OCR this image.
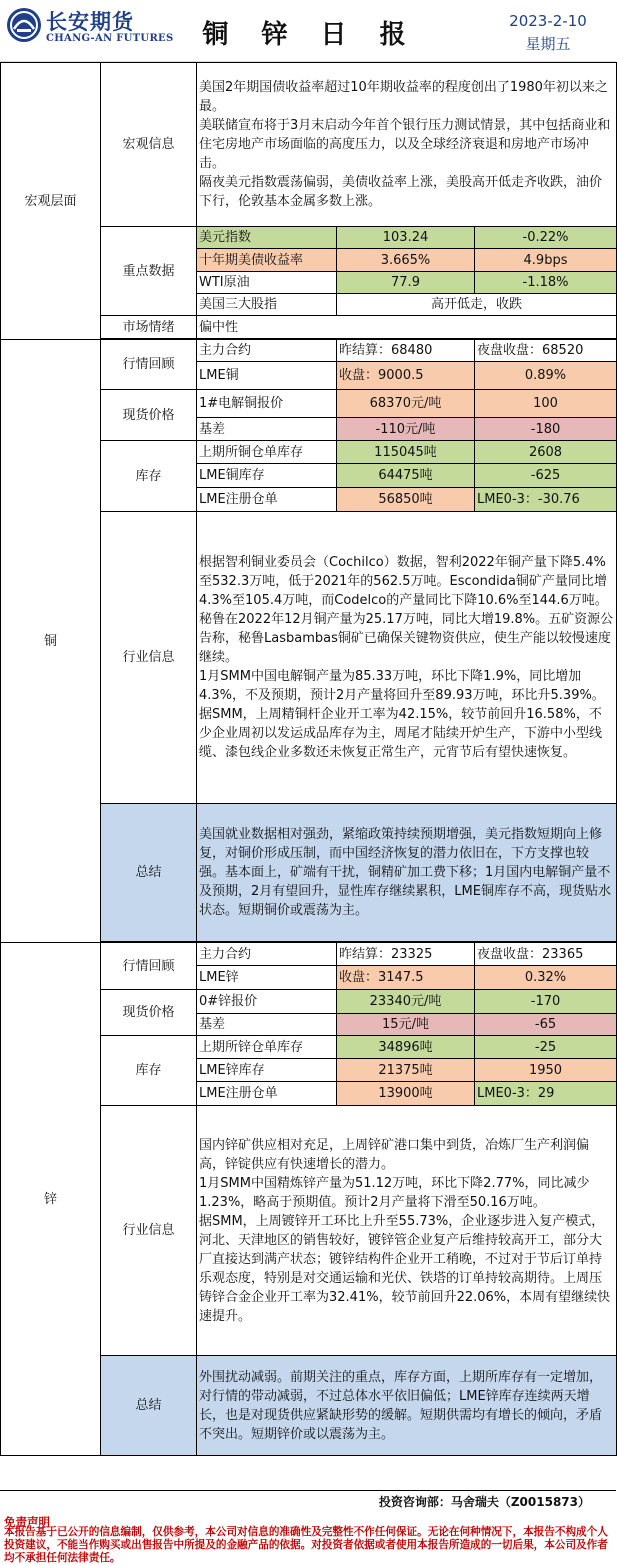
长安期货
CHANG-AN FUTURES	铜 锌 日 报	2023-2-10
星期五
宏观层面	宏观信息	美国2年期国债收益率超过10年期收益率的程度创出了1980年初以来之最。
美联储宣布将于3月末启动今年首个银行压力测试情景，其中包括商业和住宅房地产市场面临的高度压力，以及全球经济衰退和房地产市场冲击。
隔夜美元指数震荡偏弱，美债收益率上涨，美股高开低走齐收跌，油价下行，伦敦基本金属多数上涨。		
	重点数据	美元指数	103.24	-0.22%
		十年期美债收益率	3.665%	4.9bps
		WTI原油	77.9	-1.18%
		美国三大股指	高开低走，收跌	
	市场情绪	偏中性		

铜	行情回顾	主力合约	昨结算：68480	夜盘收盘：68520
		LME铜	收盘：9000.5	0.89%
	现货价格	1#电解铜报价	68370元/吨	100
		基差	-110元/吨	-180
	库存	上期所铜仓单库存	115045吨	2608
		LME铜库存	64475吨	-625
		LME注册仓单	56850吨	LME0-3：-30.76
	行业信息	根据智利铜业委员会（Cochilco）数据，智利2022年铜产量下降5.4%至532.3万吨，低于2021年的562.5万吨。Escondida铜矿产量同比增4.3%至105.4万吨，而Codelco的产量同比下降10.6%至144.6万吨。秘鲁在2022年12月铜产量为25.17万吨，同比大增19.8%。五矿资源公告称，秘鲁Lasbambas铜矿已确保关键物资供应，使生产能以较慢速度继续。
1月SMM中国电解铜产量为85.33万吨，环比下降1.9%，同比增加4.3%，不及预期，预计2月产量将回升至89.93万吨，环比升5.39%。
据SMM，上周精铜杆企业开工率为42.15%，较节前回升16.58%，不少企业周初以发运成品库存为主，周尾才陆续开炉生产，下游中小型线缆、漆包线企业多数还未恢复正常生产，元宵节后有望快速恢复。		
	总结	美国就业数据相对强劲，紧缩政策持续预期增强，美元指数短期向上修复，对铜价形成压制，而中国经济恢复的潜力依旧在，下方支撑也较强。基本面上，矿端有干扰，铜精矿加工费下移；1月国内电解铜产量不及预期，2月有望回升，显性库存继续累积，LME铜库存不高，现货贴水状态。短期铜价或震荡为主。		

锌	行情回顾	主力合约	昨结算：23325	夜盘收盘：23365
		LME锌	收盘：3147.5	0.32%
	现货价格	0#锌报价	23340元/吨	-170
		基差	15元/吨	-65
	库存	上期所锌仓单库存	34896吨	-25
		LME锌库存	21375吨	1950
		LME注册仓单	13900吨	LME0-3：29
	行业信息	国内锌矿供应相对充足，上周锌矿港口集中到货，冶炼厂生产利润偏高，锌锭供应有快速增长的潜力。
1月SMM中国精炼锌产量为51.12万吨，环比下降2.77%，同比减少1.23%，略高于预期值。预计2月产量将下滑至50.16万吨。
据SMM，上周镀锌开工环比上升至55.73%，企业逐步进入复产模式，河北、天津地区的销售较好，镀锌管企业复产后维持较高开工，部分大厂直接达到满产状态；镀锌结构件企业开工稍晚，不过对于节后订单持乐观态度，特别是对交通运输和光伏、铁塔的订单持较高期待。上周压铸锌合金企业开工率为32.41%，较节前回升22.06%，本周有望继续快速提升。		
	总结	外围扰动减弱。前期关注的重点，库存方面，上期所库存有一定增加，对行情的带动减弱，不过总体水平依旧偏低；LME锌库存连续两天增长，也是对现货供应紧缺形势的缓解。短期供需均有增长的倾向，矛盾不突出。短期锌价或以震荡为主。		
投资咨询部：马舍瑞夫（Z0015873）
免责声明
本报告基于已公开的信息编制，仅供参考，本公司对信息的准确性及完整性不作任何保证。无论在何种情况下，本报告不构成个人投资建议，不能当作购买或出售报告中所提及的金融产品的依据。对投资者依据或者使用本报告所造成的一切后果，本公司及作者均不承担任何法律责任。
